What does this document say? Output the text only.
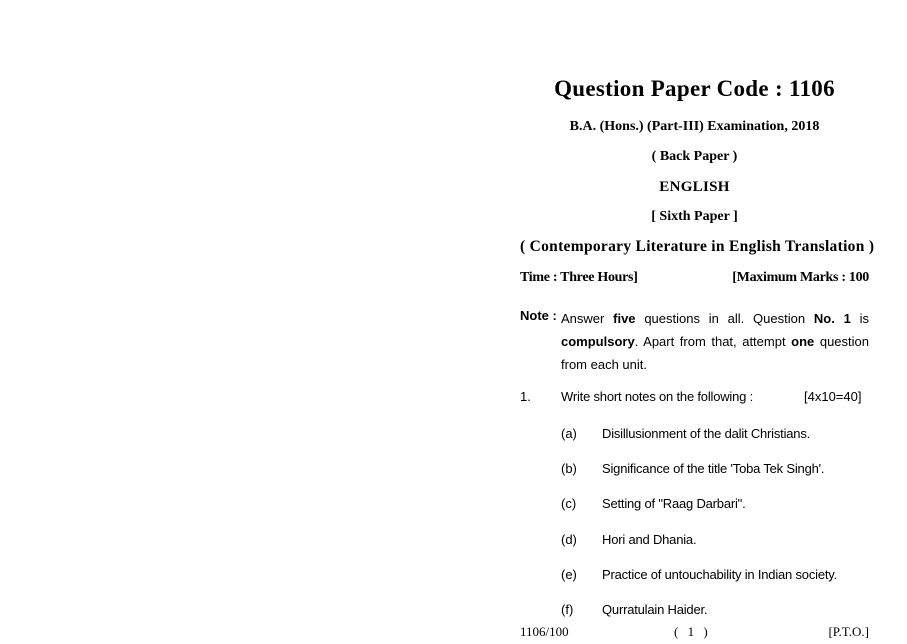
Question Paper Code : 1106
B.A. (Hons.) (Part-III) Examination, 2018
( Back Paper )
ENGLISH
[ Sixth Paper ]
( Contemporary Literature in English Translation )
Time : Three Hours]	[Maximum Marks : 100
Note : Answer five questions in all. Question No. 1 is compulsory. Apart from that, attempt one question from each unit.
1. Write short notes on the following :	[4x10=40]
(a) Disillusionment of the dalit Christians.
(b) Significance of the title 'Toba Tek Singh'.
(c) Setting of "Raag Darbari".
(d) Hori and Dhania.
(e) Practice of untouchability in Indian society.
(f) Qurratulain Haider.
1106/100	( 1 )	[P.T.O.]
